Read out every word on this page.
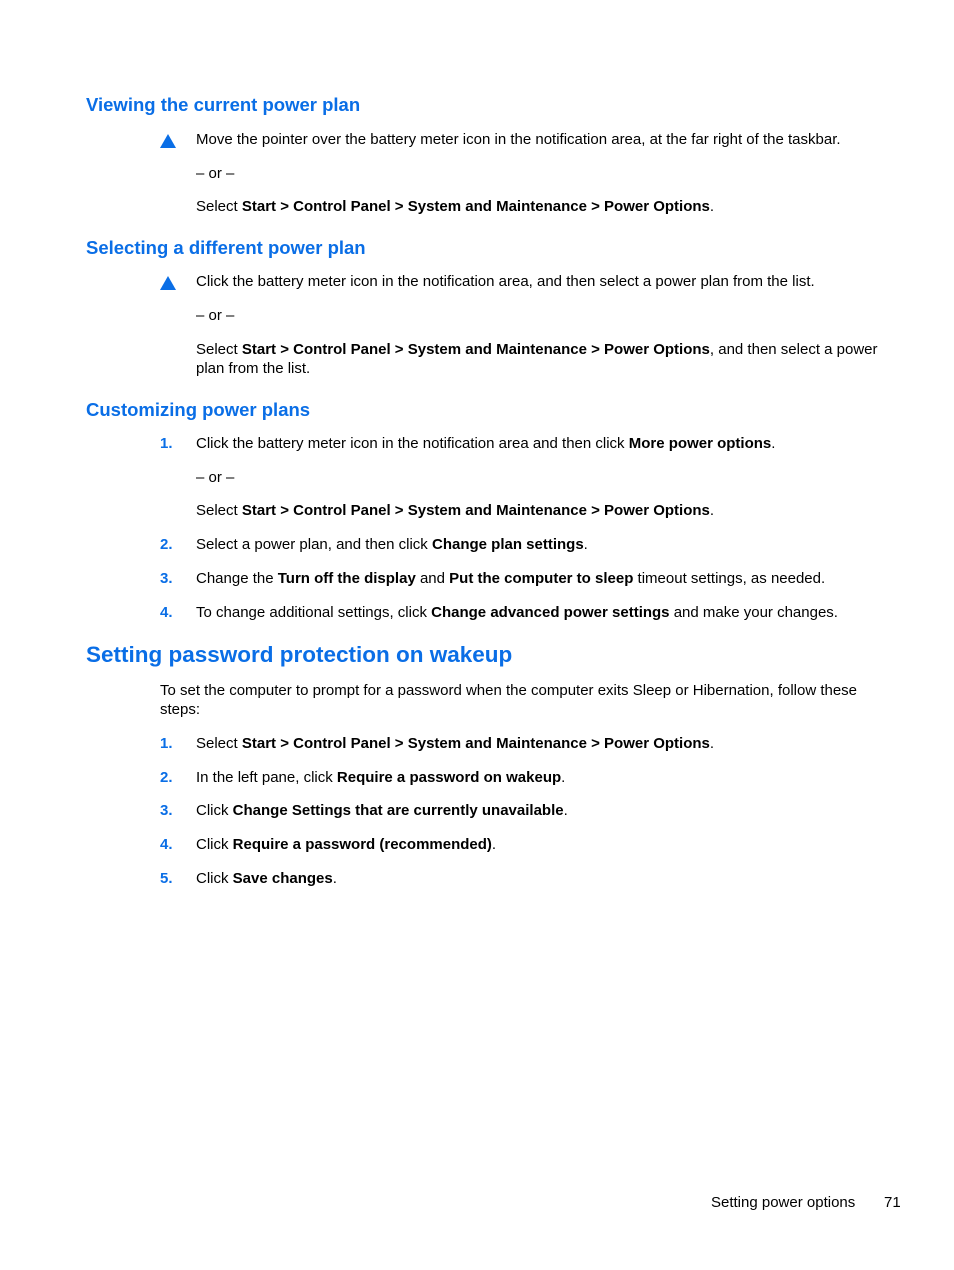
Viewing the current power plan

Move the pointer over the battery meter icon in the notification area, at the far right of the taskbar.

– or –

Select Start > Control Panel > System and Maintenance > Power Options.

Selecting a different power plan

Click the battery meter icon in the notification area, and then select a power plan from the list.

– or –

Select Start > Control Panel > System and Maintenance > Power Options, and then select a power plan from the list.

Customizing power plans
1. Click the battery meter icon in the notification area and then click More power options.

– or –

Select Start > Control Panel > System and Maintenance > Power Options.

2. Select a power plan, and then click Change plan settings.

3. Change the Turn off the display and Put the computer to sleep timeout settings, as needed.

4. To change additional settings, click Change advanced power settings and make your changes.

Setting password protection on wakeup

To set the computer to prompt for a password when the computer exits Sleep or Hibernation, follow these steps:

1. Select Start > Control Panel > System and Maintenance > Power Options.

2. In the left pane, click Require a password on wakeup.

3. Click Change Settings that are currently unavailable.

4. Click Require a password (recommended).

5. Click Save changes.

Setting power options 71
